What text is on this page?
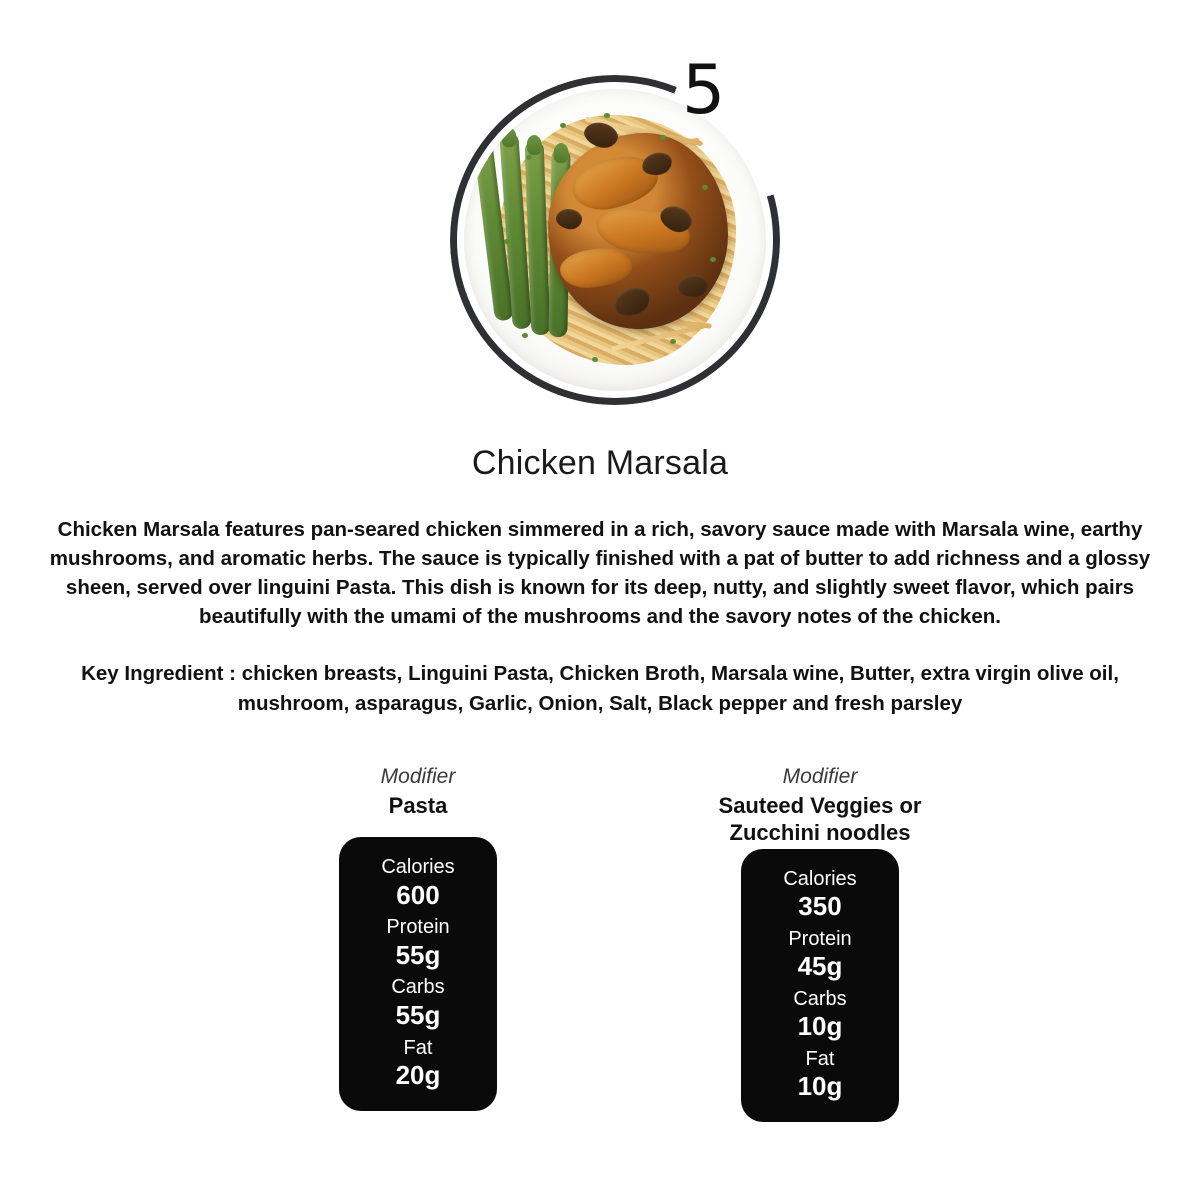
5
Chicken Marsala

Chicken Marsala features pan-seared chicken simmered in a rich, savory sauce made with Marsala wine, earthy mushrooms, and aromatic herbs. The sauce is typically finished with a pat of butter to add richness and a glossy sheen, served over linguini Pasta. This dish is known for its deep, nutty, and slightly sweet flavor, which pairs beautifully with the umami of the mushrooms and the savory notes of the chicken.

Key Ingredient : chicken breasts, Linguini Pasta, Chicken Broth, Marsala wine, Butter, extra virgin olive oil, mushroom, asparagus, Garlic, Onion, Salt, Black pepper and fresh parsley

Modifier
Pasta
Calories
600
Protein
55g
Carbs
55g
Fat
20g
Modifier
Sauteed Veggies or Zucchini noodles
Calories
350
Protein
45g
Carbs
10g
Fat
10g
